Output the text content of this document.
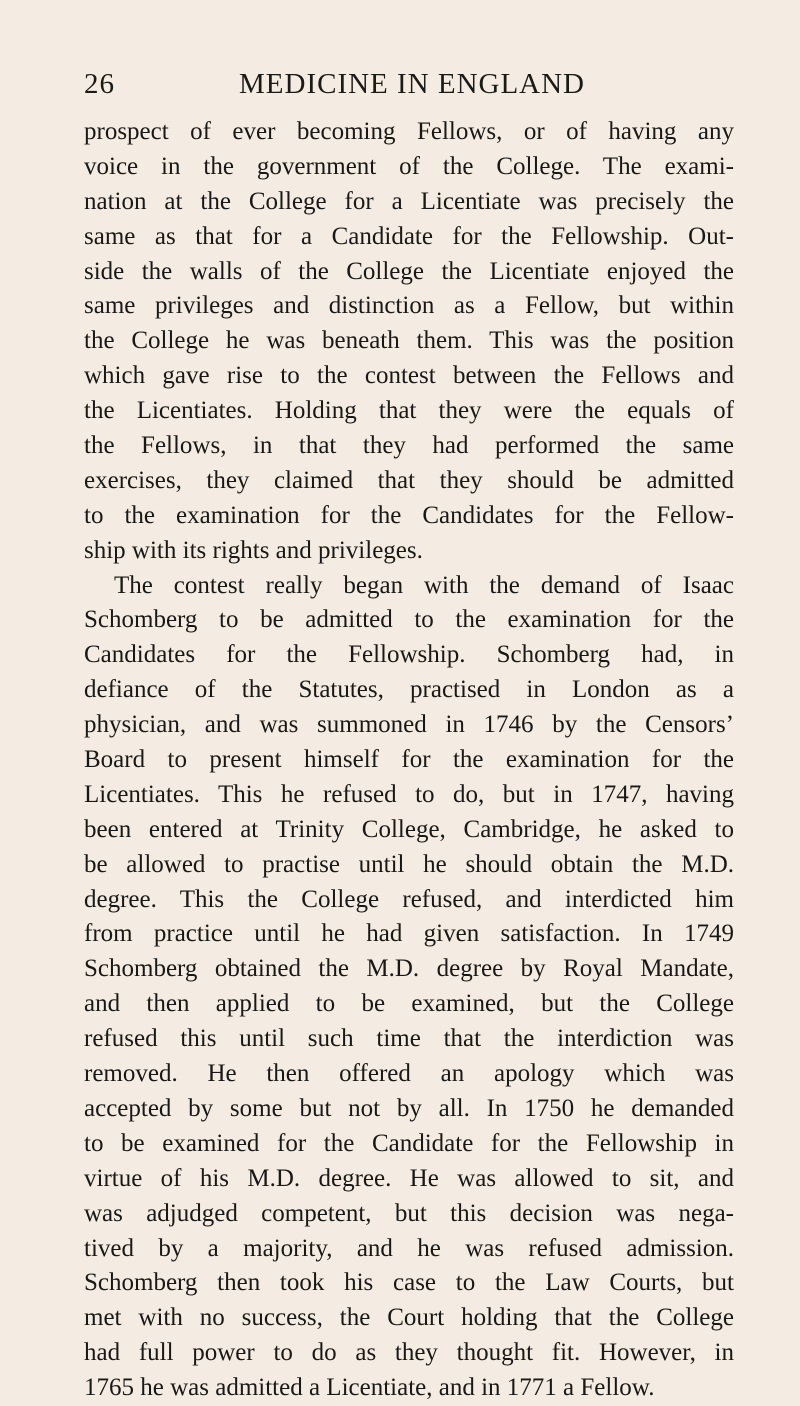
26	MEDICINE IN ENGLAND
prospect of ever becoming Fellows, or of having any
voice in the government of the College. The exami-
nation at the College for a Licentiate was precisely the
same as that for a Candidate for the Fellowship. Out-
side the walls of the College the Licentiate enjoyed the
same privileges and distinction as a Fellow, but within
the College he was beneath them. This was the position
which gave rise to the contest between the Fellows and
the Licentiates. Holding that they were the equals of
the Fellows, in that they had performed the same
exercises, they claimed that they should be admitted
to the examination for the Candidates for the Fellow-
ship with its rights and privileges.
The contest really began with the demand of Isaac
Schomberg to be admitted to the examination for the
Candidates for the Fellowship. Schomberg had, in
defiance of the Statutes, practised in London as a
physician, and was summoned in 1746 by the Censors’
Board to present himself for the examination for the
Licentiates. This he refused to do, but in 1747, having
been entered at Trinity College, Cambridge, he asked to
be allowed to practise until he should obtain the M.D.
degree. This the College refused, and interdicted him
from practice until he had given satisfaction. In 1749
Schomberg obtained the M.D. degree by Royal Mandate,
and then applied to be examined, but the College
refused this until such time that the interdiction was
removed. He then offered an apology which was
accepted by some but not by all. In 1750 he demanded
to be examined for the Candidate for the Fellowship in
virtue of his M.D. degree. He was allowed to sit, and
was adjudged competent, but this decision was nega-
tived by a majority, and he was refused admission.
Schomberg then took his case to the Law Courts, but
met with no success, the Court holding that the College
had full power to do as they thought fit. However, in
1765 he was admitted a Licentiate, and in 1771 a Fellow.
